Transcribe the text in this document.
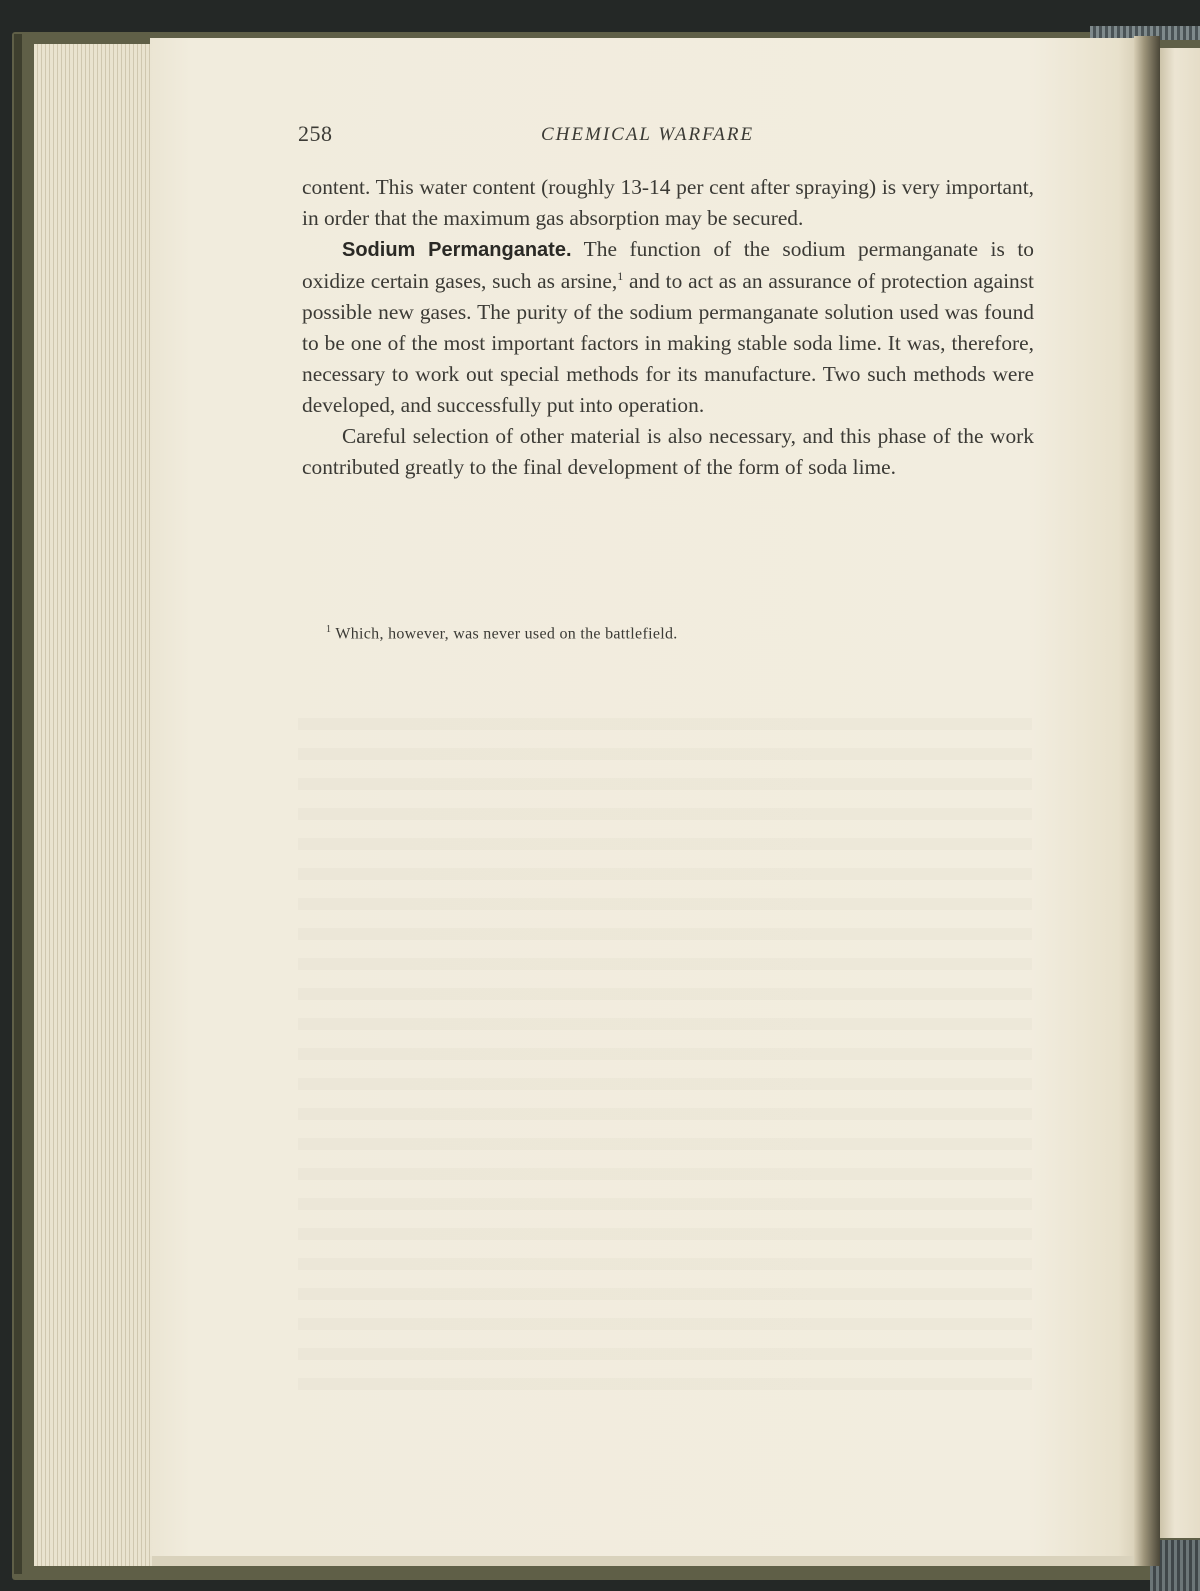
258	CHEMICAL WARFARE

content. This water content (roughly 13-14 per cent after spraying) is very important, in order that the maximum gas absorption may be secured.

Sodium Permanganate. The function of the sodium permanganate is to oxidize certain gases, such as arsine,$^1$ and to act as an assurance of protection against possible new gases. The purity of the sodium permanganate solution used was found to be one of the most important factors in making stable soda lime. It was, therefore, necessary to work out special methods for its manufacture. Two such methods were developed, and successfully put into operation.

Careful selection of other material is also necessary, and this phase of the work contributed greatly to the final development of the form of soda lime.

$^1$ Which, however, was never used on the battlefield.
